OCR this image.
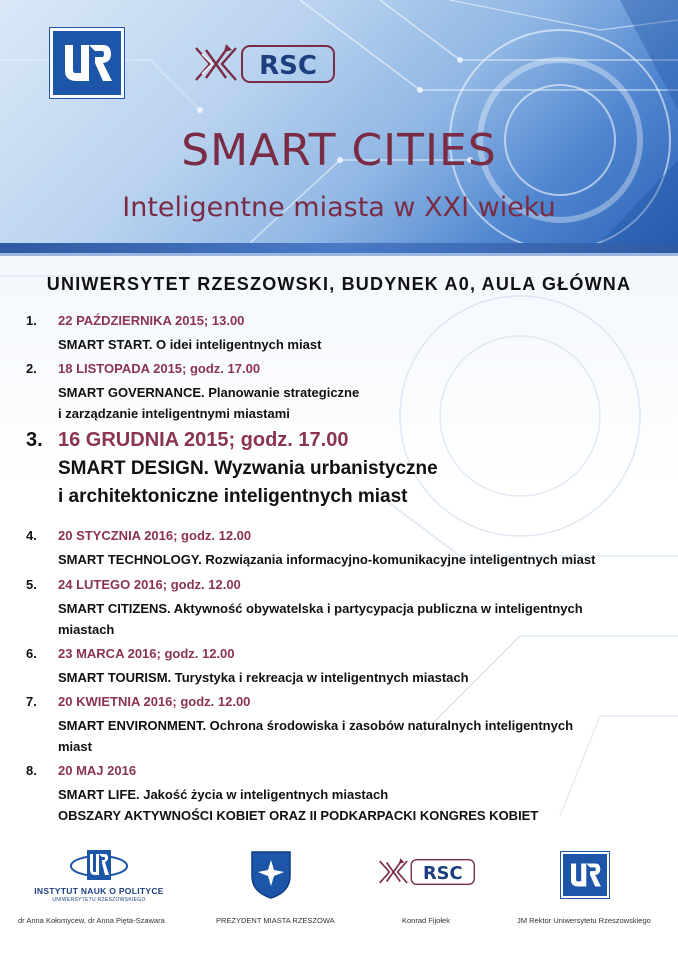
RSC
SMART CITIES
Inteligentne miasta w XXI wieku
UNIWERSYTET RZESZOWSKI, BUDYNEK A0, AULA GŁÓWNA
1. 22 PAŹDZIERNIKA 2015; 13.00
SMART START. O idei inteligentnych miast
2. 18 LISTOPADA 2015; godz. 17.00
SMART GOVERNANCE. Planowanie strategiczne
i zarządzanie inteligentnymi miastami
3. 16 GRUDNIA 2015; godz. 17.00
SMART DESIGN. Wyzwania urbanistyczne
i architektoniczne inteligentnych miast
4. 20 STYCZNIA 2016; godz. 12.00
SMART TECHNOLOGY. Rozwiązania informacyjno-komunikacyjne inteligentnych miast
5. 24 LUTEGO 2016; godz. 12.00
SMART CITIZENS. Aktywność obywatelska i partycypacja publiczna w inteligentnych
miastach
6. 23 MARCA 2016; godz. 12.00
SMART TOURISM. Turystyka i rekreacja w inteligentnych miastach
7. 20 KWIETNIA 2016; godz. 12.00
SMART ENVIRONMENT. Ochrona środowiska i zasobów naturalnych inteligentnych
miast
8. 20 MAJ 2016
SMART LIFE. Jakość życia w inteligentnych miastach
OBSZARY AKTYWNOŚCI KOBIET ORAZ II PODKARPACKI KONGRES KOBIET
INSTYTUT NAUK O POLITYCE
UNIWERSYTETU RZESZOWSKIEGO
RSC
dr Anna Kołomycew, dr Anna Pięta-Szawara	PREZYDENT MIASTA RZESZOWA	Konrad Fijołek	JM Rektor Uniwersytetu Rzeszowskiego
